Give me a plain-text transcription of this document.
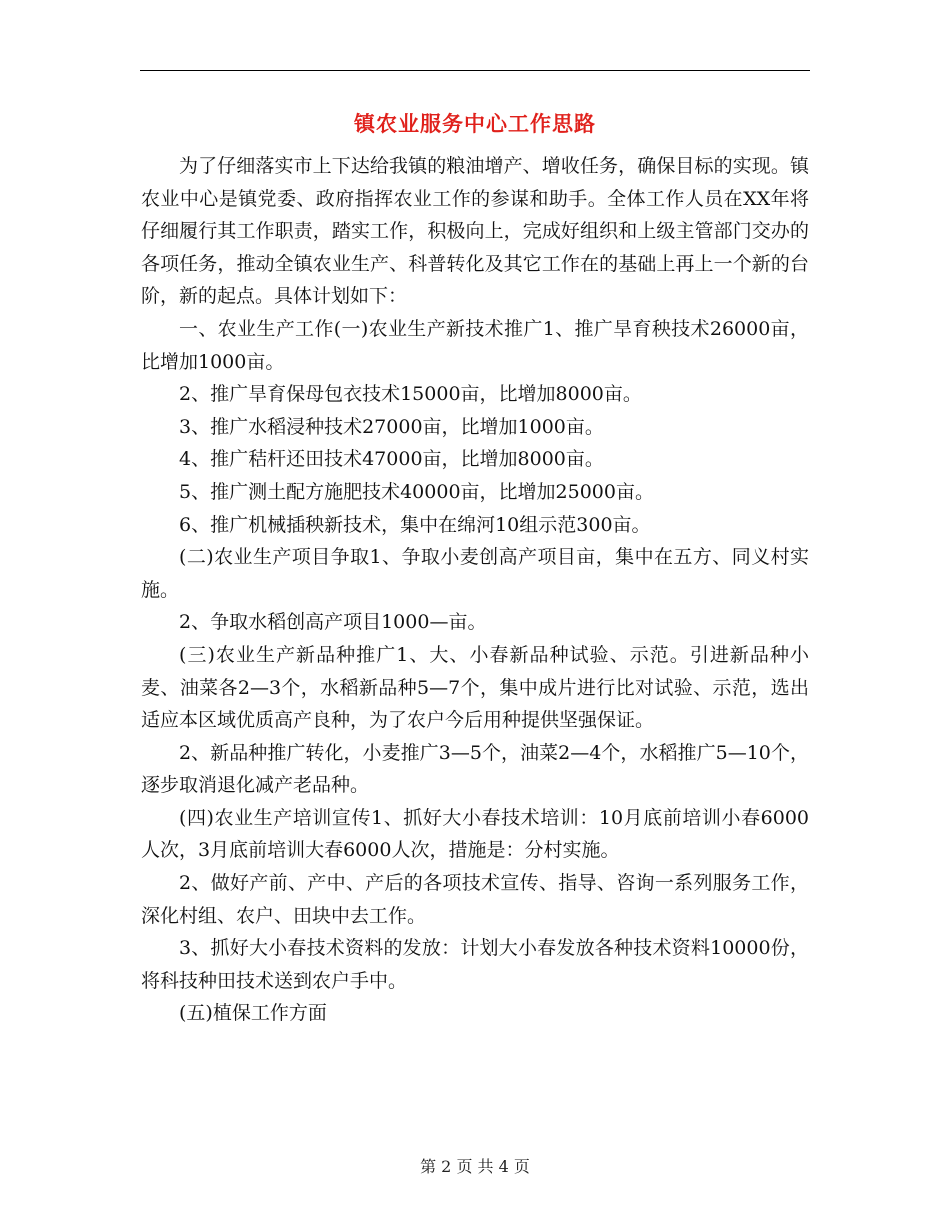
镇农业服务中心工作思路

为了仔细落实市上下达给我镇的粮油增产、增收任务，确保目标的实现。镇农业中心是镇党委、政府指挥农业工作的参谋和助手。全体工作人员在XX年将仔细履行其工作职责，踏实工作，积极向上，完成好组织和上级主管部门交办的各项任务，推动全镇农业生产、科普转化及其它工作在的基础上再上一个新的台阶，新的起点。具体计划如下：

一、农业生产工作(一)农业生产新技术推广1、推广旱育秧技术26000亩，比增加1000亩。

2、推广旱育保母包衣技术15000亩，比增加8000亩。

3、推广水稻浸种技术27000亩，比增加1000亩。

4、推广秸杆还田技术47000亩，比增加8000亩。

5、推广测土配方施肥技术40000亩，比增加25000亩。

6、推广机械插秧新技术，集中在绵河10组示范300亩。

(二)农业生产项目争取1、争取小麦创高产项目亩，集中在五方、同义村实施。

2、争取水稻创高产项目1000—亩。

(三)农业生产新品种推广1、大、小春新品种试验、示范。引进新品种小麦、油菜各2—3个，水稻新品种5—7个，集中成片进行比对试验、示范，选出适应本区域优质高产良种，为了农户今后用种提供坚强保证。

2、新品种推广转化，小麦推广3—5个，油菜2—4个，水稻推广5—10个，逐步取消退化减产老品种。

(四)农业生产培训宣传1、抓好大小春技术培训：10月底前培训小春6000人次，3月底前培训大春6000人次，措施是：分村实施。

2、做好产前、产中、产后的各项技术宣传、指导、咨询一系列服务工作，深化村组、农户、田块中去工作。

3、抓好大小春技术资料的发放：计划大小春发放各种技术资料10000份，将科技种田技术送到农户手中。

(五)植保工作方面

第 2 页 共 4 页
